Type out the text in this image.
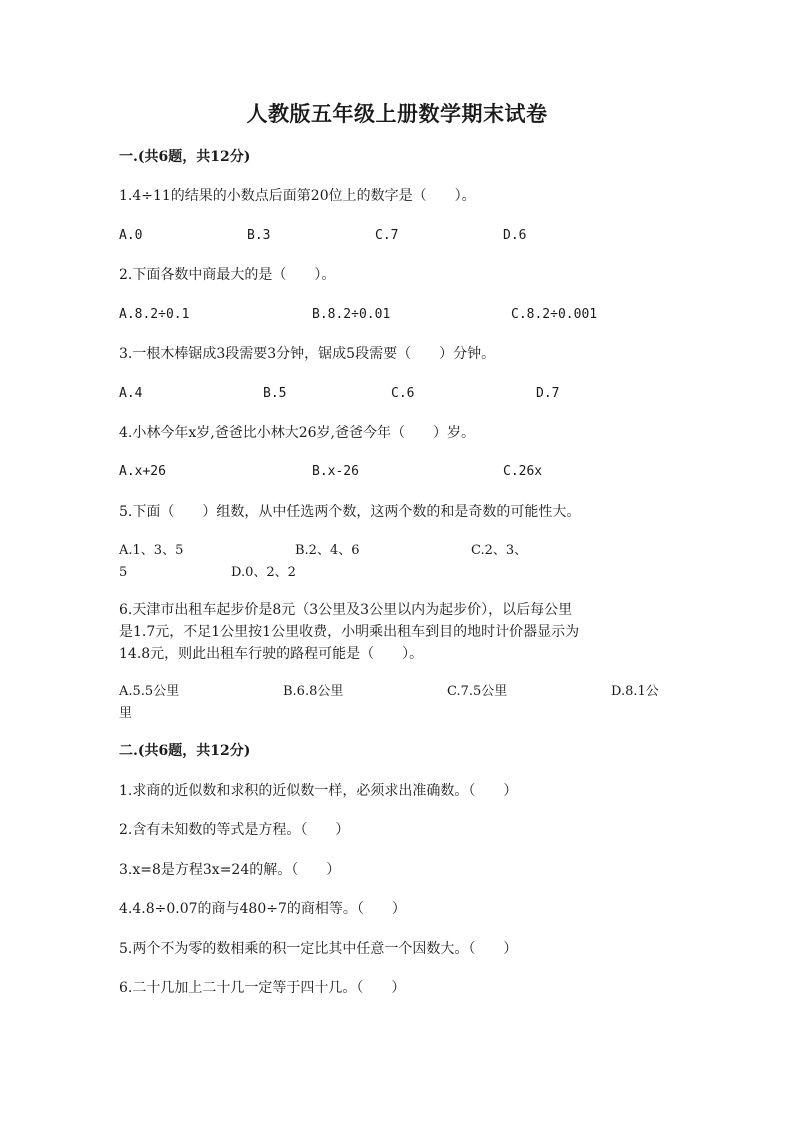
人教版五年级上册数学期末试卷
一.(共6题，共12分)
1.4÷11的结果的小数点后面第20位上的数字是（　　）。
A.0	B.3	C.7	D.6
2.下面各数中商最大的是（　　）。
A.8.2÷0.1	B.8.2÷0.01	C.8.2÷0.001
3.一根木棒锯成3段需要3分钟，锯成5段需要（　　）分钟。
A.4	B.5	C.6	D.7
4.小林今年x岁,爸爸比小林大26岁,爸爸今年（　　）岁。
A.x+26	B.x-26	C.26x
5.下面（　　）组数，从中任选两个数，这两个数的和是奇数的可能性大。
A.1、3、5	B.2、4、6	C.2、3、
5	D.0、2、2
6.天津市出租车起步价是8元（3公里及3公里以内为起步价），以后每公里
是1.7元，不足1公里按1公里收费，小明乘出租车到目的地时计价器显示为
14.8元，则此出租车行驶的路程可能是（　　）。
A.5.5公里	B.6.8公里	C.7.5公里	D.8.1公
里
二.(共6题，共12分)
1.求商的近似数和求积的近似数一样，必须求出准确数。（　　）
2.含有未知数的等式是方程。（　　）
3.x=8是方程3x=24的解。（　　）
4.4.8÷0.07的商与480÷7的商相等。（　　）
5.两个不为零的数相乘的积一定比其中任意一个因数大。（　　）
6.二十几加上二十几一定等于四十几。（　　）
